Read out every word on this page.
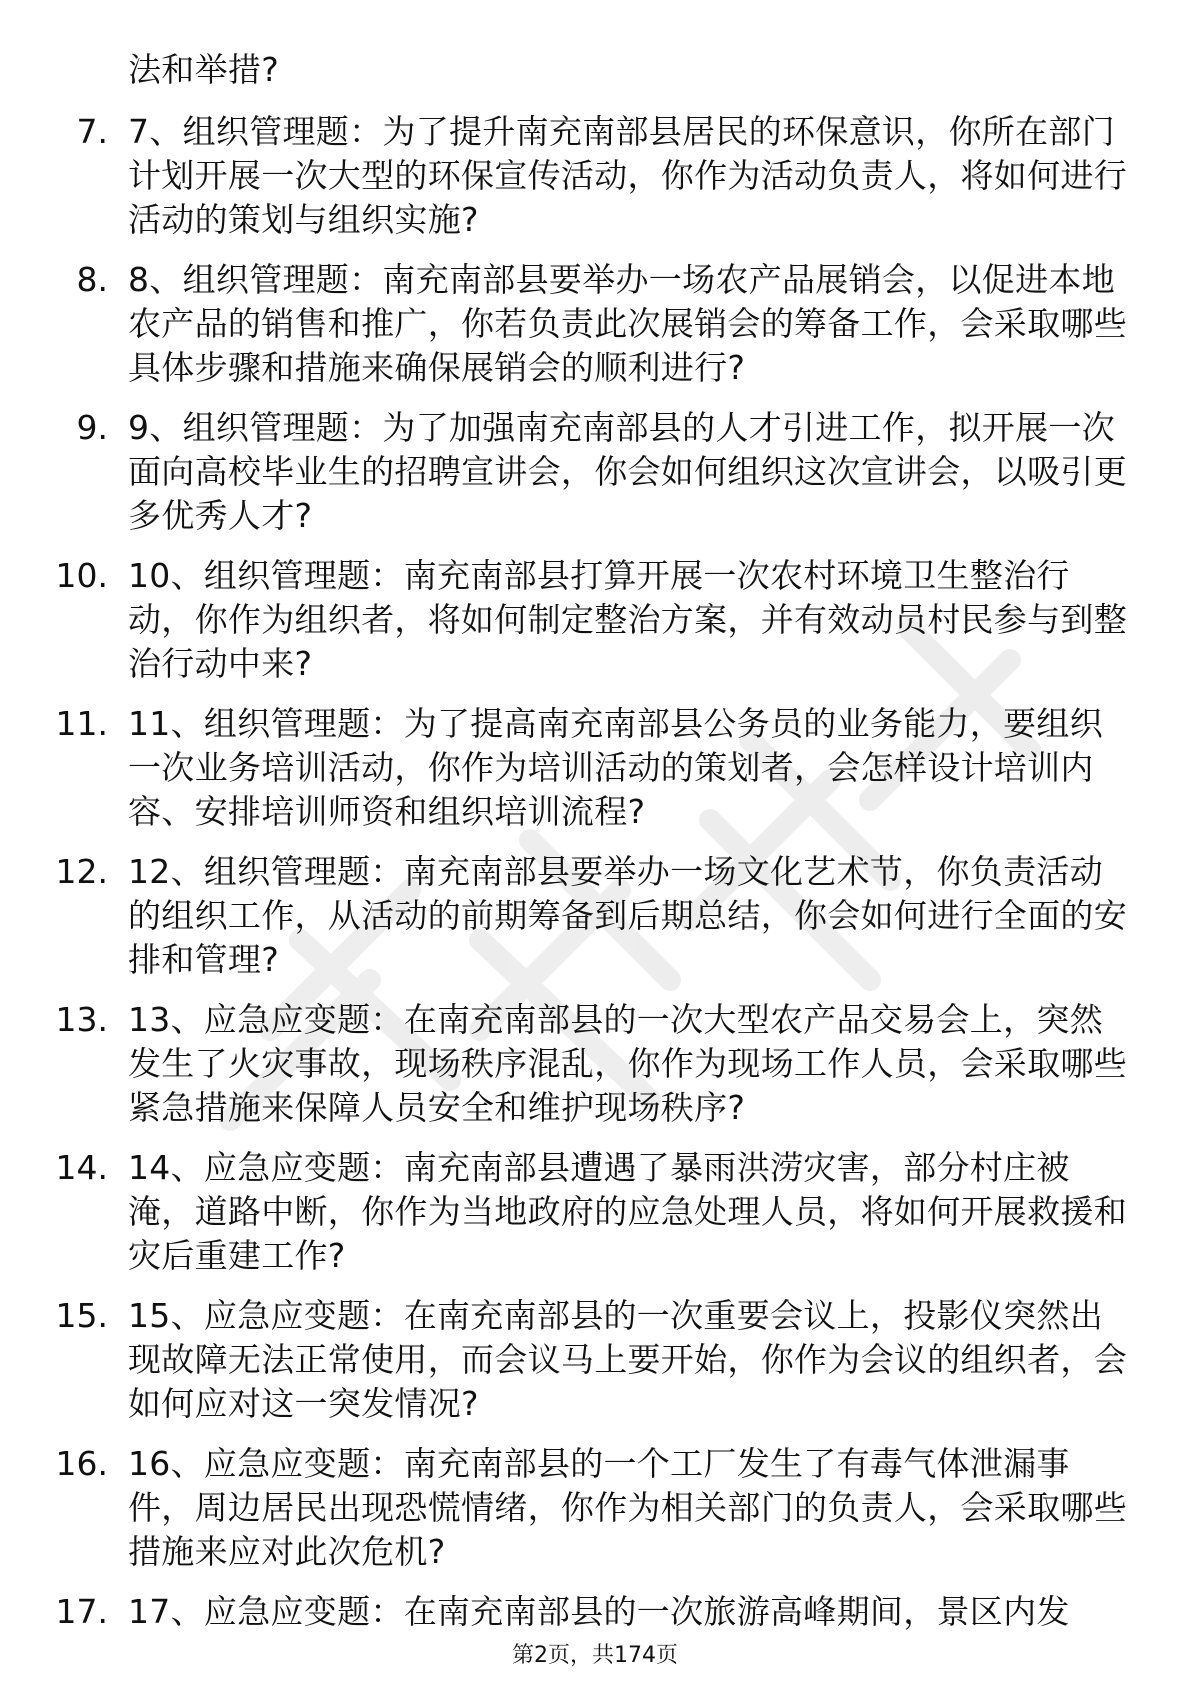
法和举措?
7. 7、组织管理题：为了提升南充南部县居民的环保意识，你所在部门计划开展一次大型的环保宣传活动，你作为活动负责人，将如何进行活动的策划与组织实施?
8. 8、组织管理题：南充南部县要举办一场农产品展销会，以促进本地农产品的销售和推广，你若负责此次展销会的筹备工作，会采取哪些具体步骤和措施来确保展销会的顺利进行?
9. 9、组织管理题：为了加强南充南部县的人才引进工作，拟开展一次面向高校毕业生的招聘宣讲会，你会如何组织这次宣讲会，以吸引更多优秀人才?
10. 10、组织管理题：南充南部县打算开展一次农村环境卫生整治行动，你作为组织者，将如何制定整治方案，并有效动员村民参与到整治行动中来?
11. 11、组织管理题：为了提高南充南部县公务员的业务能力，要组织一次业务培训活动，你作为培训活动的策划者，会怎样设计培训内容、安排培训师资和组织培训流程?
12. 12、组织管理题：南充南部县要举办一场文化艺术节，你负责活动的组织工作，从活动的前期筹备到后期总结，你会如何进行全面的安排和管理?
13. 13、应急应变题：在南充南部县的一次大型农产品交易会上，突然发生了火灾事故，现场秩序混乱，你作为现场工作人员，会采取哪些紧急措施来保障人员安全和维护现场秩序?
14. 14、应急应变题：南充南部县遭遇了暴雨洪涝灾害，部分村庄被淹，道路中断，你作为当地政府的应急处理人员，将如何开展救援和灾后重建工作?
15. 15、应急应变题：在南充南部县的一次重要会议上，投影仪突然出现故障无法正常使用，而会议马上要开始，你作为会议的组织者，会如何应对这一突发情况?
16. 16、应急应变题：南充南部县的一个工厂发生了有毒气体泄漏事件，周边居民出现恐慌情绪，你作为相关部门的负责人，会采取哪些措施来应对此次危机?
17. 17、应急应变题：在南充南部县的一次旅游高峰期间，景区内发
第2页，共174页
